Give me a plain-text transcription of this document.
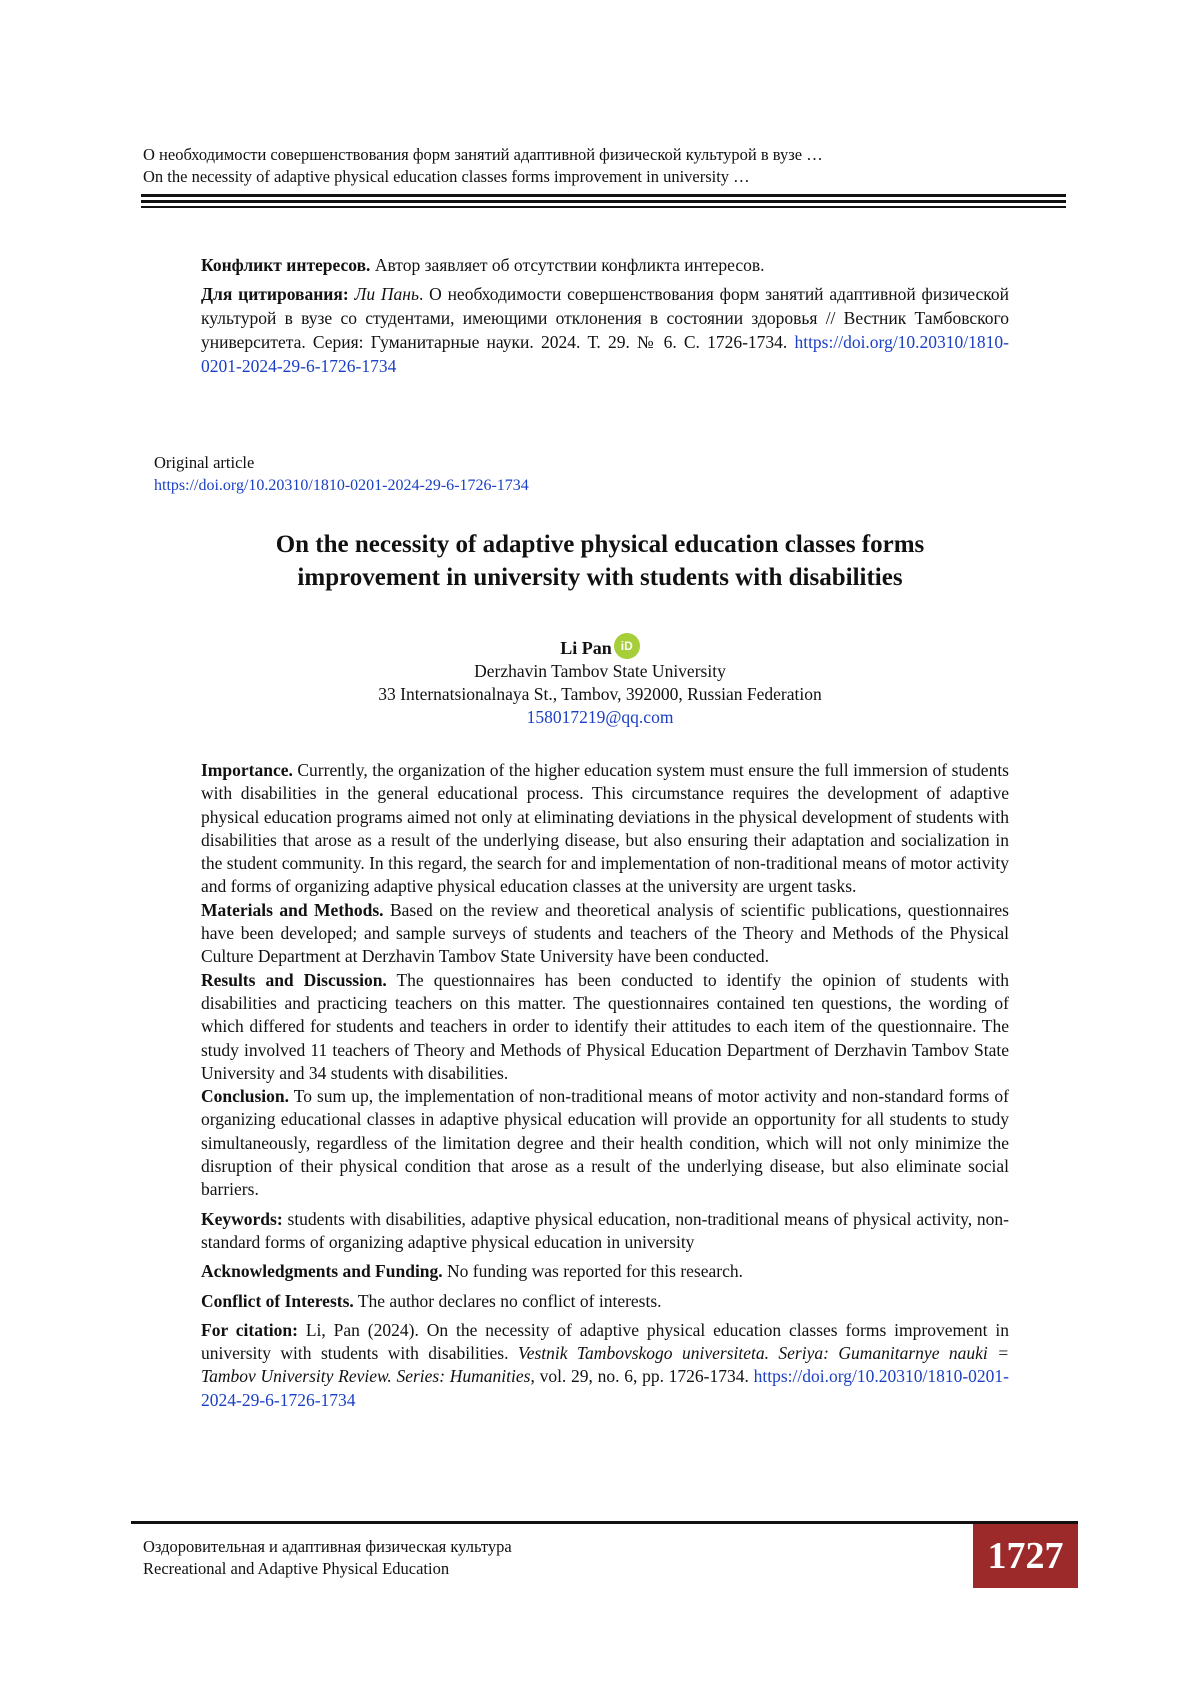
О необходимости совершенствования форм занятий адаптивной физической культурой в вузе …
On the necessity of adaptive physical education classes forms improvement in university …

Конфликт интересов. Автор заявляет об отсутствии конфликта интересов.

Для цитирования: Ли Пань. О необходимости совершенствования форм занятий адаптивной физической культурой в вузе со студентами, имеющими отклонения в состоянии здоровья // Вестник Тамбовского университета. Серия: Гуманитарные науки. 2024. Т. 29. № 6. С. 1726-1734. https://doi.org/10.20310/1810-0201-2024-29-6-1726-1734

Original article
https://doi.org/10.20310/1810-0201-2024-29-6-1726-1734
On the necessity of adaptive physical education classes forms
improvement in university with students with disabilities
Li Pan iD
Derzhavin Tambov State University
33 Internatsionalnaya St., Tambov, 392000, Russian Federation
158017219@qq.com

Importance. Currently, the organization of the higher education system must ensure the full immersion of students with disabilities in the general educational process. This circumstance requires the development of adaptive physical education programs aimed not only at eliminating deviations in the physical development of students with disabilities that arose as a result of the underlying disease, but also ensuring their adaptation and socialization in the student community. In this regard, the search for and implementation of non-traditional means of motor activity and forms of organizing adaptive physical education classes at the university are urgent tasks.

Materials and Methods. Based on the review and theoretical analysis of scientific publications, questionnaires have been developed; and sample surveys of students and teachers of the Theory and Methods of the Physical Culture Department at Derzhavin Tambov State University have been conducted.

Results and Discussion. The questionnaires has been conducted to identify the opinion of students with disabilities and practicing teachers on this matter. The questionnaires contained ten questions, the wording of which differed for students and teachers in order to identify their attitudes to each item of the questionnaire. The study involved 11 teachers of Theory and Methods of Physical Education Department of Derzhavin Tambov State University and 34 students with disabilities.

Conclusion. To sum up, the implementation of non-traditional means of motor activity and non-standard forms of organizing educational classes in adaptive physical education will provide an opportunity for all students to study simultaneously, regardless of the limitation degree and their health condition, which will not only minimize the disruption of their physical condition that arose as a result of the underlying disease, but also eliminate social barriers.

Keywords: students with disabilities, adaptive physical education, non-traditional means of physical activity, non-standard forms of organizing adaptive physical education in university

Acknowledgments and Funding. No funding was reported for this research.

Conflict of Interests. The author declares no conflict of interests.

For citation: Li, Pan (2024). On the necessity of adaptive physical education classes forms improvement in university with students with disabilities. Vestnik Tambovskogo universiteta. Seriya: Gumanitarnye nauki = Tambov University Review. Series: Humanities, vol. 29, no. 6, pp. 1726-1734. https://doi.org/10.20310/1810-0201-2024-29-6-1726-1734

Оздоровительная и адаптивная физическая культура
Recreational and Adaptive Physical Education	1727
